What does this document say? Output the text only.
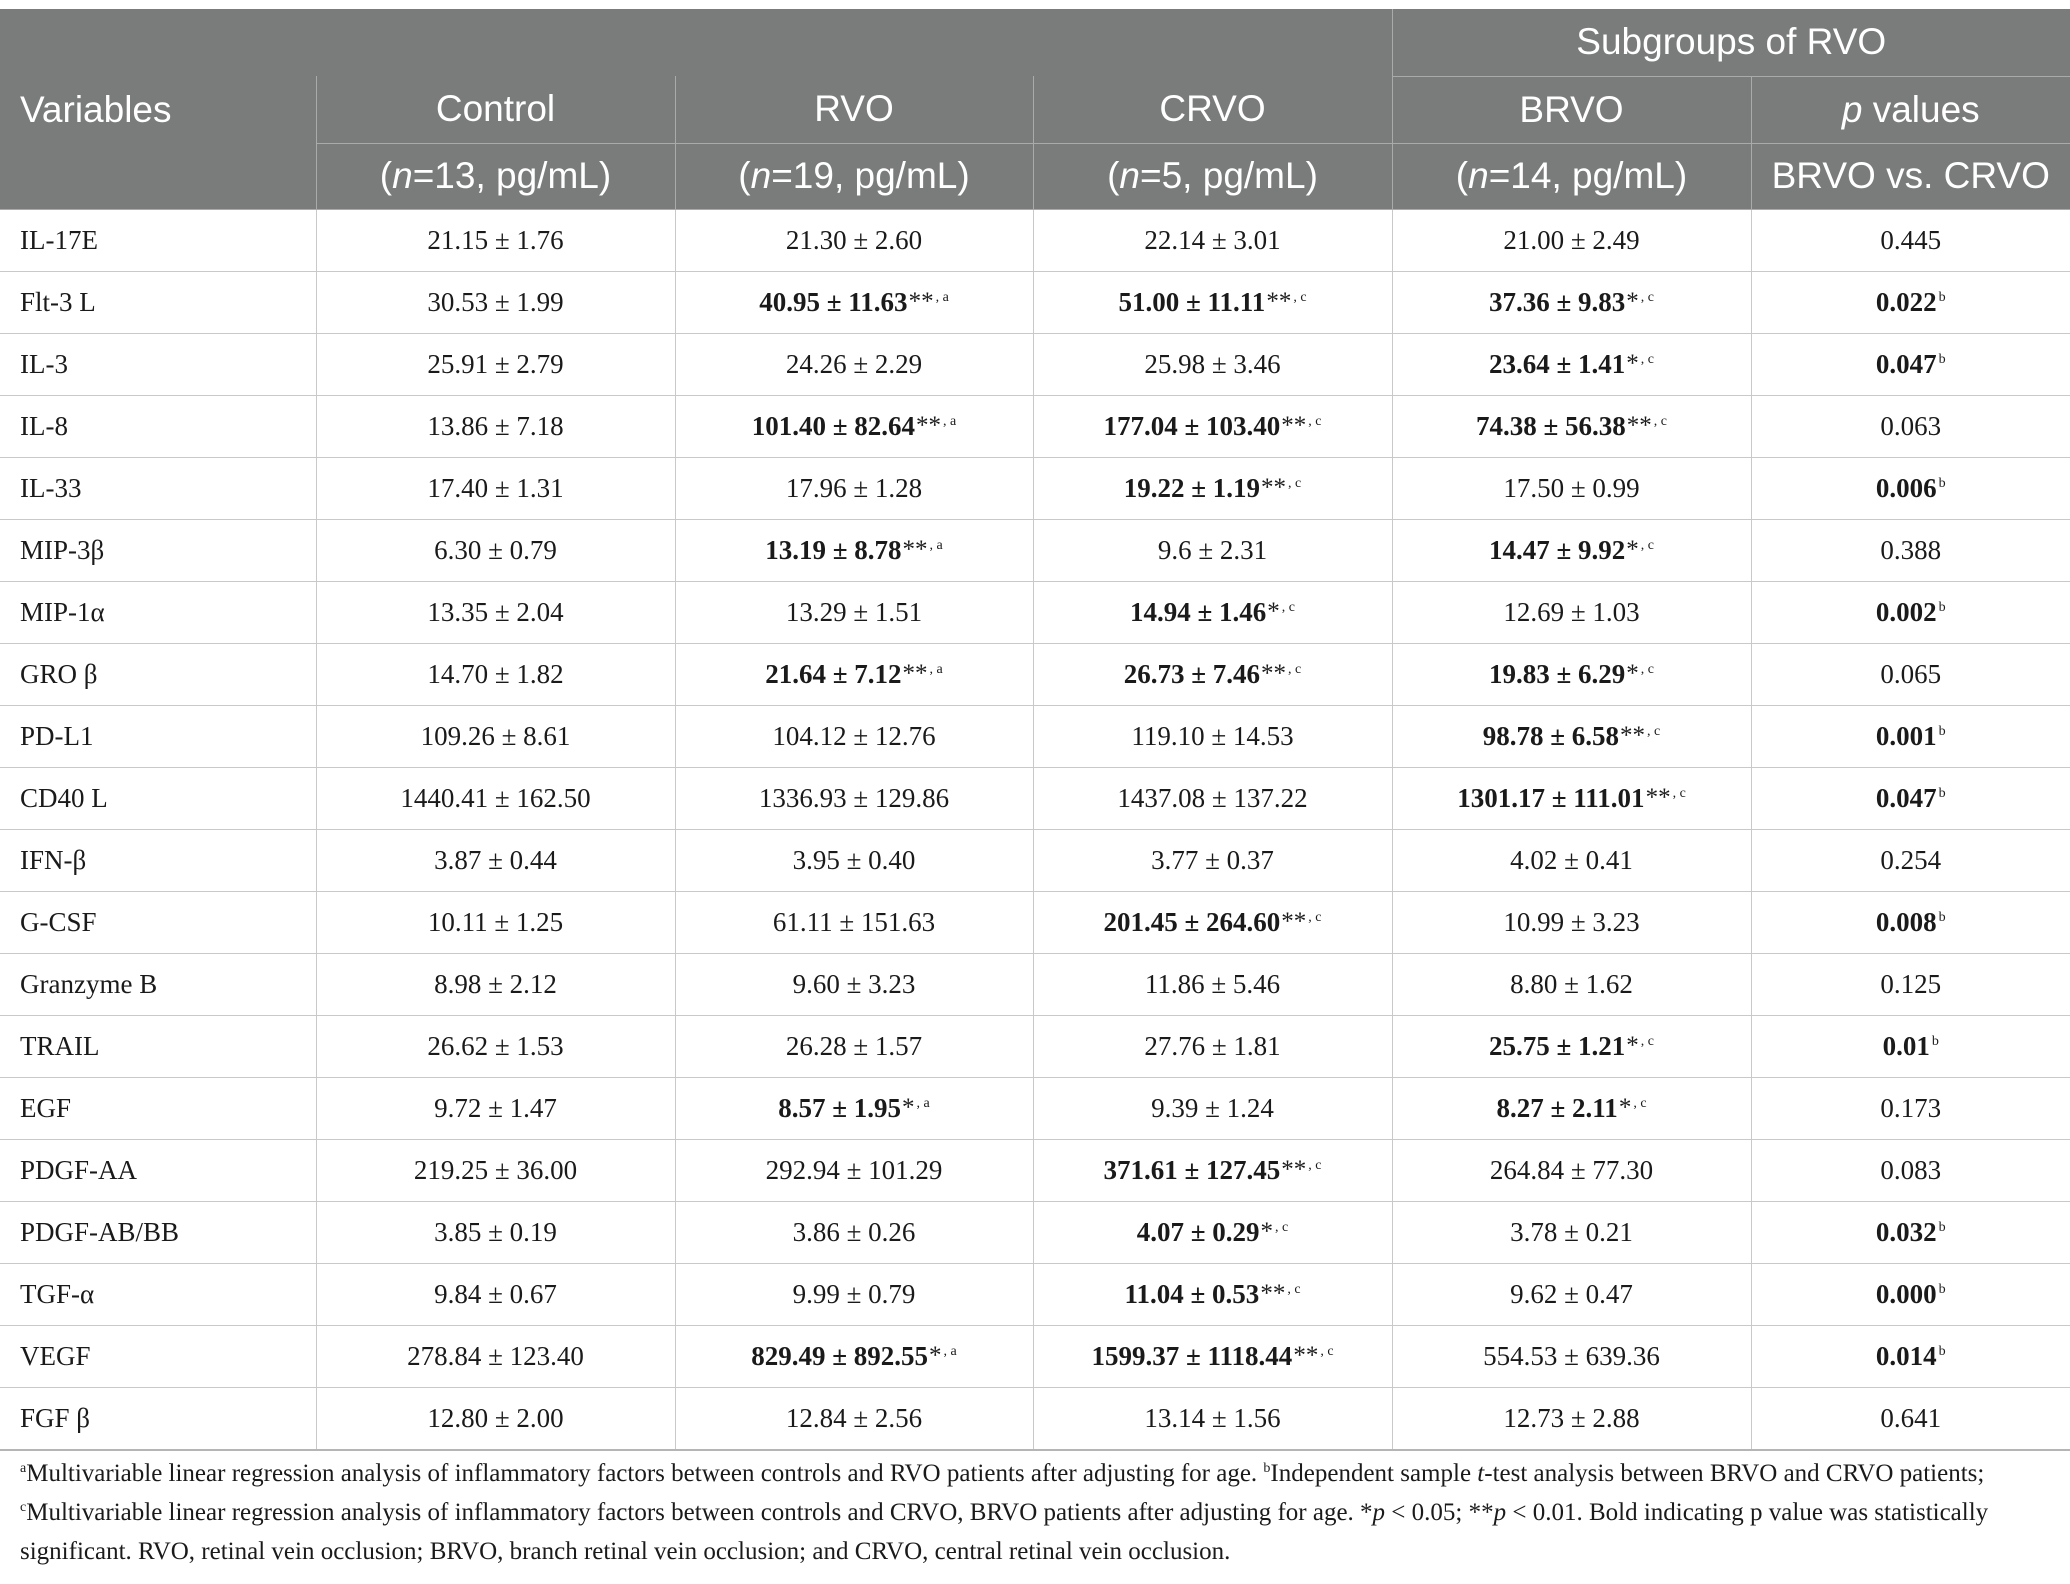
				Subgroups of RVO	
Variables	Control	RVO	CRVO	BRVO	p values
	(n=13, pg/mL)	(n=19, pg/mL)	(n=5, pg/mL)	(n=14, pg/mL)	BRVO vs. CRVO
IL-17E	21.15 ± 1.76	21.30 ± 2.60	22.14 ± 3.01	21.00 ± 2.49	0.445
Flt-3 L	30.53 ± 1.99	40.95 ± 11.63** $^{, a}$	51.00 ± 11.11** $^{, c}$	37.36 ± 9.83* $^{, c}$	0.022 $^b$
IL-3	25.91 ± 2.79	24.26 ± 2.29	25.98 ± 3.46	23.64 ± 1.41* $^{, c}$	0.047 $^b$
IL-8	13.86 ± 7.18	101.40 ± 82.64** $^{, a}$	177.04 ± 103.40** $^{, c}$	74.38 ± 56.38** $^{, c}$	0.063
IL-33	17.40 ± 1.31	17.96 ± 1.28	19.22 ± 1.19** $^{, c}$	17.50 ± 0.99	0.006 $^b$
MIP-3β	6.30 ± 0.79	13.19 ± 8.78** $^{, a}$	9.6 ± 2.31	14.47 ± 9.92* $^{, c}$	0.388
MIP-1α	13.35 ± 2.04	13.29 ± 1.51	14.94 ± 1.46* $^{, c}$	12.69 ± 1.03	0.002 $^b$
GRO β	14.70 ± 1.82	21.64 ± 7.12** $^{, a}$	26.73 ± 7.46** $^{, c}$	19.83 ± 6.29* $^{, c}$	0.065
PD-L1	109.26 ± 8.61	104.12 ± 12.76	119.10 ± 14.53	98.78 ± 6.58** $^{, c}$	0.001 $^b$
CD40 L	1440.41 ± 162.50	1336.93 ± 129.86	1437.08 ± 137.22	1301.17 ± 111.01** $^{, c}$	0.047 $^b$
IFN-β	3.87 ± 0.44	3.95 ± 0.40	3.77 ± 0.37	4.02 ± 0.41	0.254
G-CSF	10.11 ± 1.25	61.11 ± 151.63	201.45 ± 264.60** $^{, c}$	10.99 ± 3.23	0.008 $^b$
Granzyme B	8.98 ± 2.12	9.60 ± 3.23	11.86 ± 5.46	8.80 ± 1.62	0.125
TRAIL	26.62 ± 1.53	26.28 ± 1.57	27.76 ± 1.81	25.75 ± 1.21* $^{, c}$	0.01 $^b$
EGF	9.72 ± 1.47	8.57 ± 1.95* $^{, a}$	9.39 ± 1.24	8.27 ± 2.11* $^{, c}$	0.173
PDGF-AA	219.25 ± 36.00	292.94 ± 101.29	371.61 ± 127.45** $^{, c}$	264.84 ± 77.30	0.083
PDGF-AB/BB	3.85 ± 0.19	3.86 ± 0.26	4.07 ± 0.29* $^{, c}$	3.78 ± 0.21	0.032 $^b$
TGF-α	9.84 ± 0.67	9.99 ± 0.79	11.04 ± 0.53** $^{, c}$	9.62 ± 0.47	0.000 $^b$
VEGF	278.84 ± 123.40	829.49 ± 892.55* $^{, a}$	1599.37 ± 1118.44** $^{, c}$	554.53 ± 639.36	0.014 $^b$
FGF β	12.80 ± 2.00	12.84 ± 2.56	13.14 ± 1.56	12.73 ± 2.88	0.641
$^a$Multivariable linear regression analysis of inflammatory factors between controls and RVO patients after adjusting for age. $^b$Independent sample t-test analysis between BRVO and CRVO patients; $^c$Multivariable linear regression analysis of inflammatory factors between controls and CRVO, BRVO patients after adjusting for age. *p < 0.05; **p < 0.01. Bold indicating p value was statistically significant. RVO, retinal vein occlusion; BRVO, branch retinal vein occlusion; and CRVO, central retinal vein occlusion.
